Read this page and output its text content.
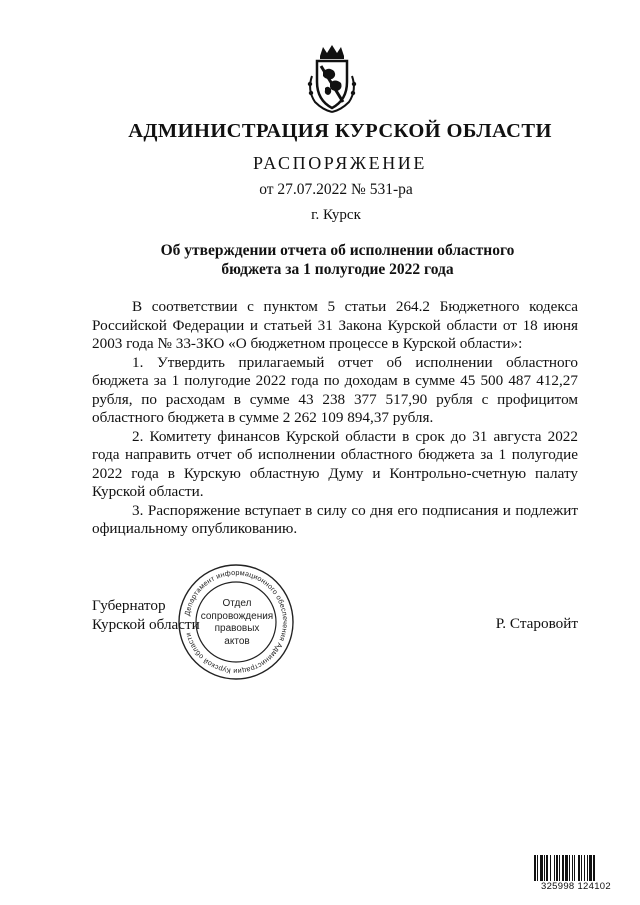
АДМИНИСТРАЦИЯ КУРСКОЙ ОБЛАСТИ
РАСПОРЯЖЕНИЕ
от 27.07.2022 № 531-ра
г. Курск
Об утверждении отчета об исполнении областного
бюджета за 1 полугодие 2022 года

В соответствии с пунктом 5 статьи 264.2 Бюджетного кодекса Российской Федерации и статьей 31 Закона Курской области от 18 июня 2003 года № 33-ЗКО «О бюджетном процессе в Курской области»:

1. Утвердить прилагаемый отчет об исполнении областного бюджета за 1 полугодие 2022 года по доходам в сумме 45 500 487 412,27 рубля, по расходам в сумме 43 238 377 517,90 рубля с профицитом областного бюджета в сумме 2 262 109 894,37 рубля.

2. Комитету финансов Курской области в срок до 31 августа 2022 года направить отчет об исполнении областного бюджета за 1 полугодие 2022 года в Курскую областную Думу и Контрольно-счетную палату Курской области.

3. Распоряжение вступает в силу со дня его подписания и подлежит официальному опубликованию.

Губернатор
Курской области	Р. Старовойт
Департамент информационного обеспечения Администрации Курской области
Отдел
сопровождения
правовых
актов
325998 124102
